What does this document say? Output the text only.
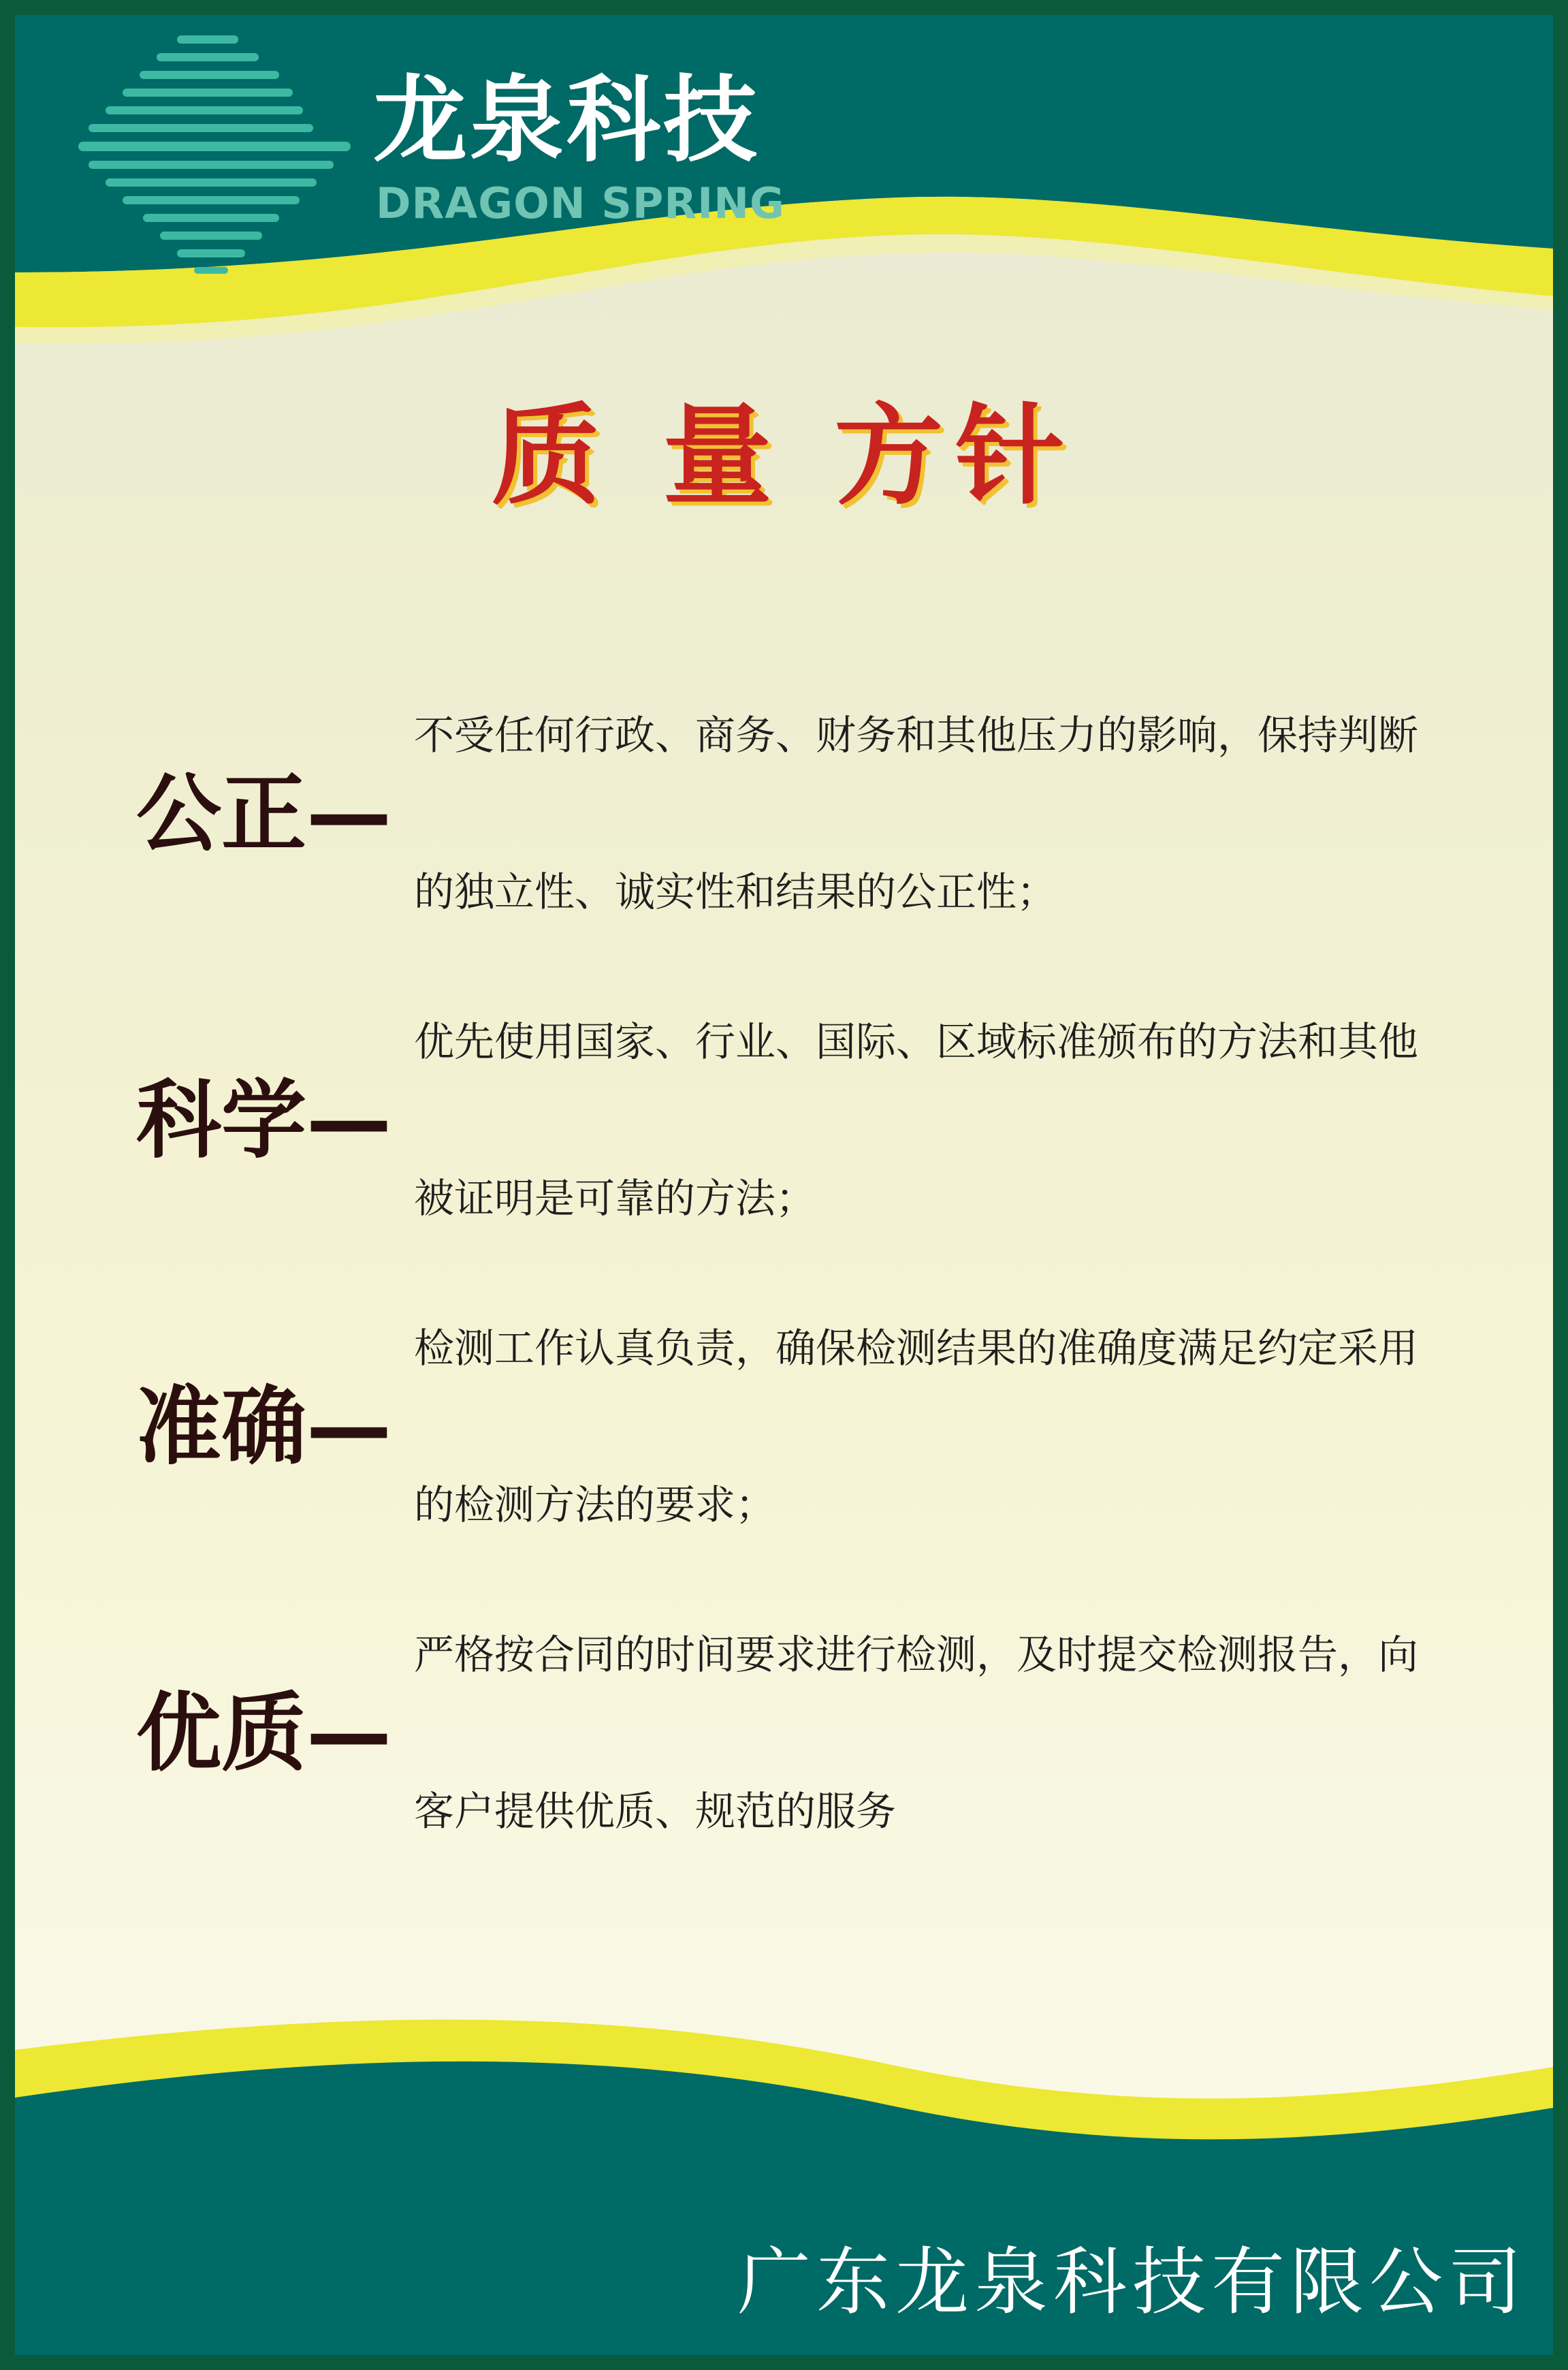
龙泉科技
DRAGON SPRING
质 量 方针
公正—
不受任何行政、商务、财务和其他压力的影响，保持判断
的独立性、诚实性和结果的公正性；
科学—
优先使用国家、行业、国际、区域标准颁布的方法和其他
被证明是可靠的方法；
准确—
检测工作认真负责，确保检测结果的准确度满足约定采用
的检测方法的要求；
优质—
严格按合同的时间要求进行检测，及时提交检测报告，向
客户提供优质、规范的服务
广东龙泉科技有限公司
